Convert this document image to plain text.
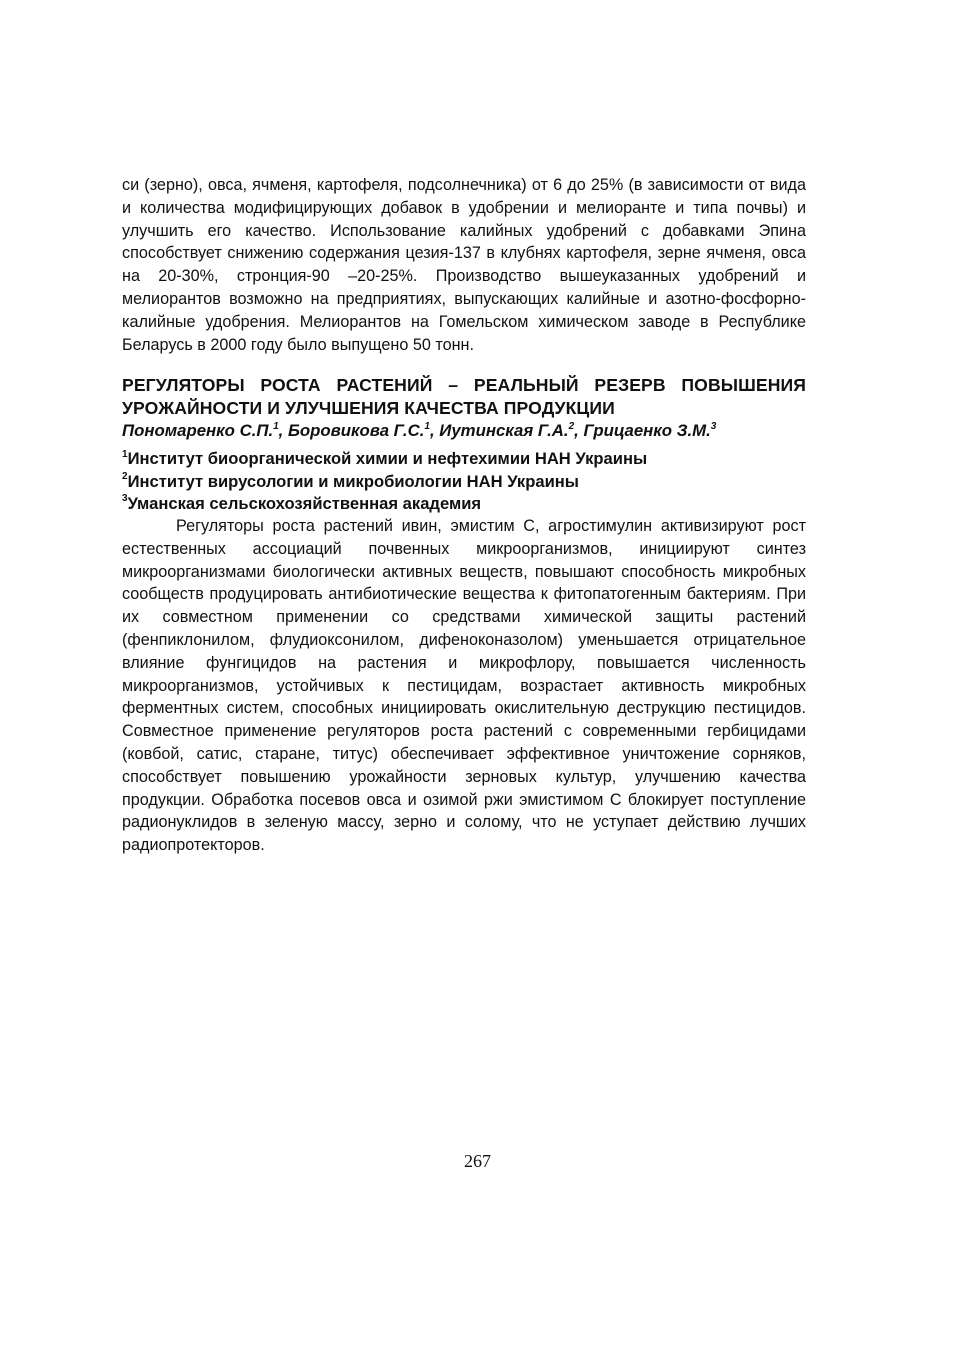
си (зерно), овса, ячменя, картофеля, подсолнечника) от 6 до 25% (в зависимости от вида и количества модифицирующих добавок в удобрении и мелиоранте и типа почвы) и улучшить его качество. Использование калийных удобрений с добавками Эпина способствует снижению содержания цезия-137 в клубнях картофеля, зерне ячменя, овса на 20-30%, стронция-90 –20-25%. Производство вышеуказанных удобрений и мелиорантов возможно на предприятиях, выпускающих калийные и азотно-фосфорно-калийные удобрения. Мелиорантов на Гомельском химическом заводе в Республике Беларусь в 2000 году было выпущено 50 тонн.

РЕГУЛЯТОРЫ РОСТА РАСТЕНИЙ – РЕАЛЬНЫЙ РЕЗЕРВ ПОВЫШЕНИЯ УРОЖАЙНОСТИ И УЛУЧШЕНИЯ КАЧЕСТВА ПРОДУКЦИИ

Пономаренко С.П.$^1$, Боровикова Г.С.$^1$, Иутинская Г.А.$^2$, Грицаенко З.М.$^3$

$^1$Институт биоорганической химии и нефтехимии НАН Украины

$^2$Институт вирусологии и микробиологии НАН Украины

$^3$Уманская сельскохозяйственная академия

Регуляторы роста растений ивин, эмистим С, агростимулин активизируют рост естественных ассоциаций почвенных микроорганизмов, инициируют синтез микроорганизмами биологически активных веществ, повышают способность микробных сообществ продуцировать антибиотические вещества к фитопатогенным бактериям. При их совместном применении со средствами химической защиты растений (фенпиклонилом, флудиоксонилом, дифеноконазолом) уменьшается отрицательное влияние фунгицидов на растения и микрофлору, повышается численность микроорганизмов, устойчивых к пестицидам, возрастает активность микробных ферментных систем, способных инициировать окислительную деструкцию пестицидов. Совместное применение регуляторов роста растений с современными гербицидами (ковбой, сатис, старане, титус) обеспечивает эффективное уничтожение сорняков, способствует повышению урожайности зерновых культур, улучшению качества продукции. Обработка посевов овса и озимой ржи эмистимом С блокирует поступление радионуклидов в зеленую массу, зерно и солому, что не уступает действию лучших радиопротекторов.

267
